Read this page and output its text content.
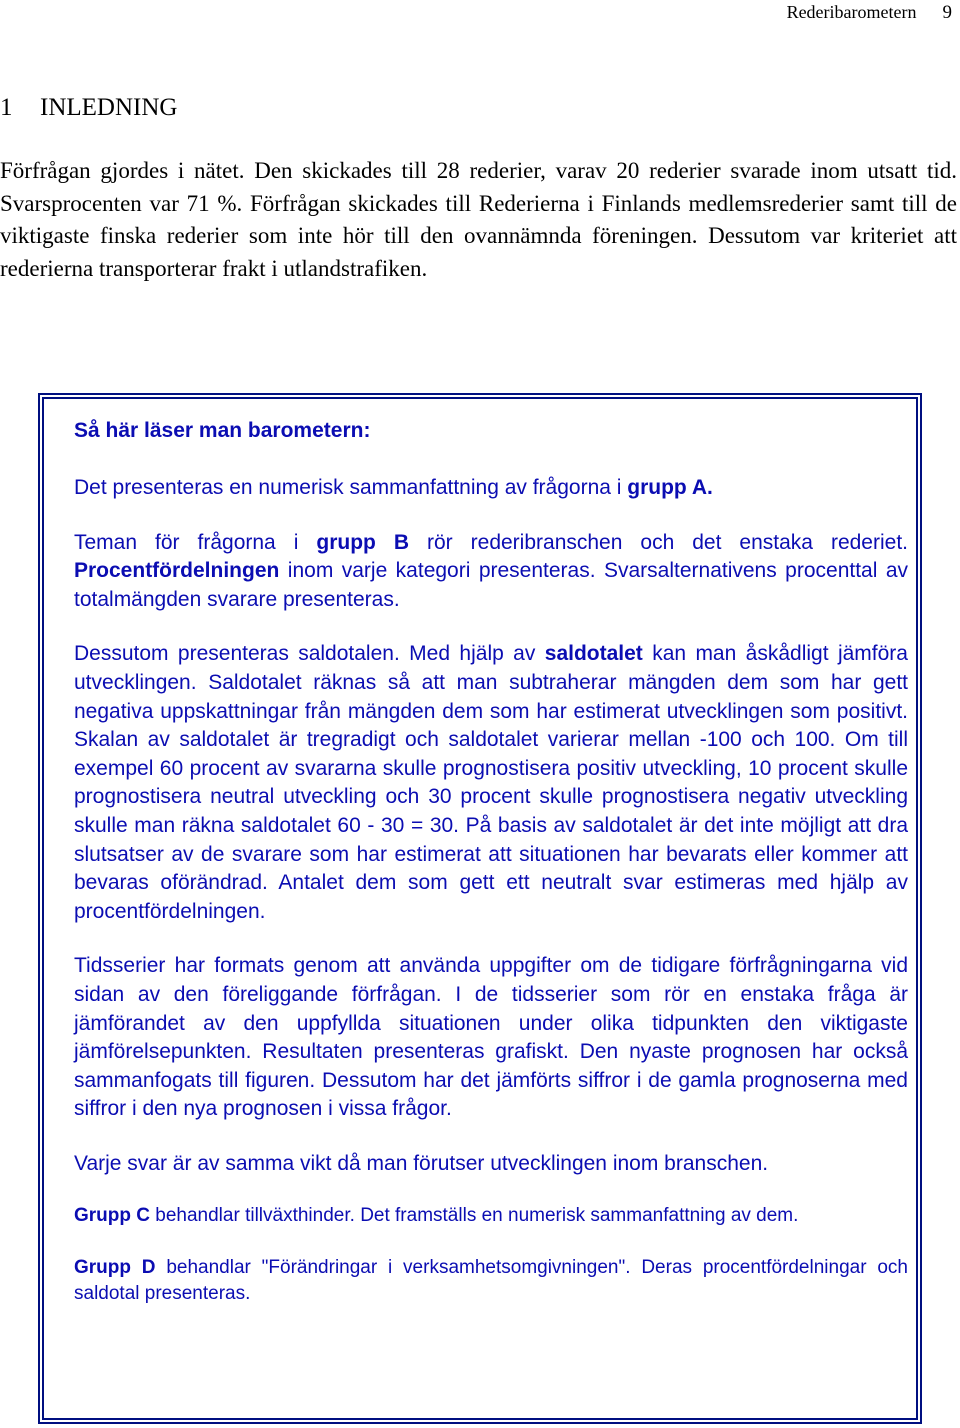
Rederibarometern 9
1 INLEDNING

Förfrågan gjordes i nätet. Den skickades till 28 rederier, varav 20 rederier svarade inom utsatt tid. Svarsprocenten var 71 %. Förfrågan skickades till Rederierna i Finlands medlemsrederier samt till de viktigaste finska rederier som inte hör till den ovannämnda föreningen. Dessutom var kriteriet att rederierna transporterar frakt i utlandstrafiken.

Så här läser man barometern:

Det presenteras en numerisk sammanfattning av frågorna i grupp A.

Teman för frågorna i grupp B rör rederibranschen och det enstaka rederiet. Procentfördelningen inom varje kategori presenteras. Svarsalternativens procenttal av totalmängden svarare presenteras.

Dessutom presenteras saldotalen. Med hjälp av saldotalet kan man åskådligt jämföra utvecklingen. Saldotalet räknas så att man subtraherar mängden dem som har gett negativa uppskattningar från mängden dem som har estimerat utvecklingen som positivt. Skalan av saldotalet är tregradigt och saldotalet varierar mellan -100 och 100. Om till exempel 60 procent av svararna skulle prognostisera positiv utveckling, 10 procent skulle prognostisera neutral utveckling och 30 procent skulle prognostisera negativ utveckling skulle man räkna saldotalet 60 - 30 = 30. På basis av saldotalet är det inte möjligt att dra slutsatser av de svarare som har estimerat att situationen har bevarats eller kommer att bevaras oförändrad. Antalet dem som gett ett neutralt svar estimeras med hjälp av procentfördelningen.

Tidsserier har formats genom att använda uppgifter om de tidigare förfrågningarna vid sidan av den föreliggande förfrågan. I de tidsserier som rör en enstaka fråga är jämförandet av den uppfyllda situationen under olika tidpunkten den viktigaste jämförelsepunkten. Resultaten presenteras grafiskt. Den nyaste prognosen har också sammanfogats till figuren. Dessutom har det jämförts siffror i de gamla prognoserna med siffror i den nya prognosen i vissa frågor.

Varje svar är av samma vikt då man förutser utvecklingen inom branschen.

Grupp C behandlar tillväxthinder. Det framställs en numerisk sammanfattning av dem.

Grupp D behandlar "Förändringar i verksamhetsomgivningen". Deras procentfördelningar och saldotal presenteras.
